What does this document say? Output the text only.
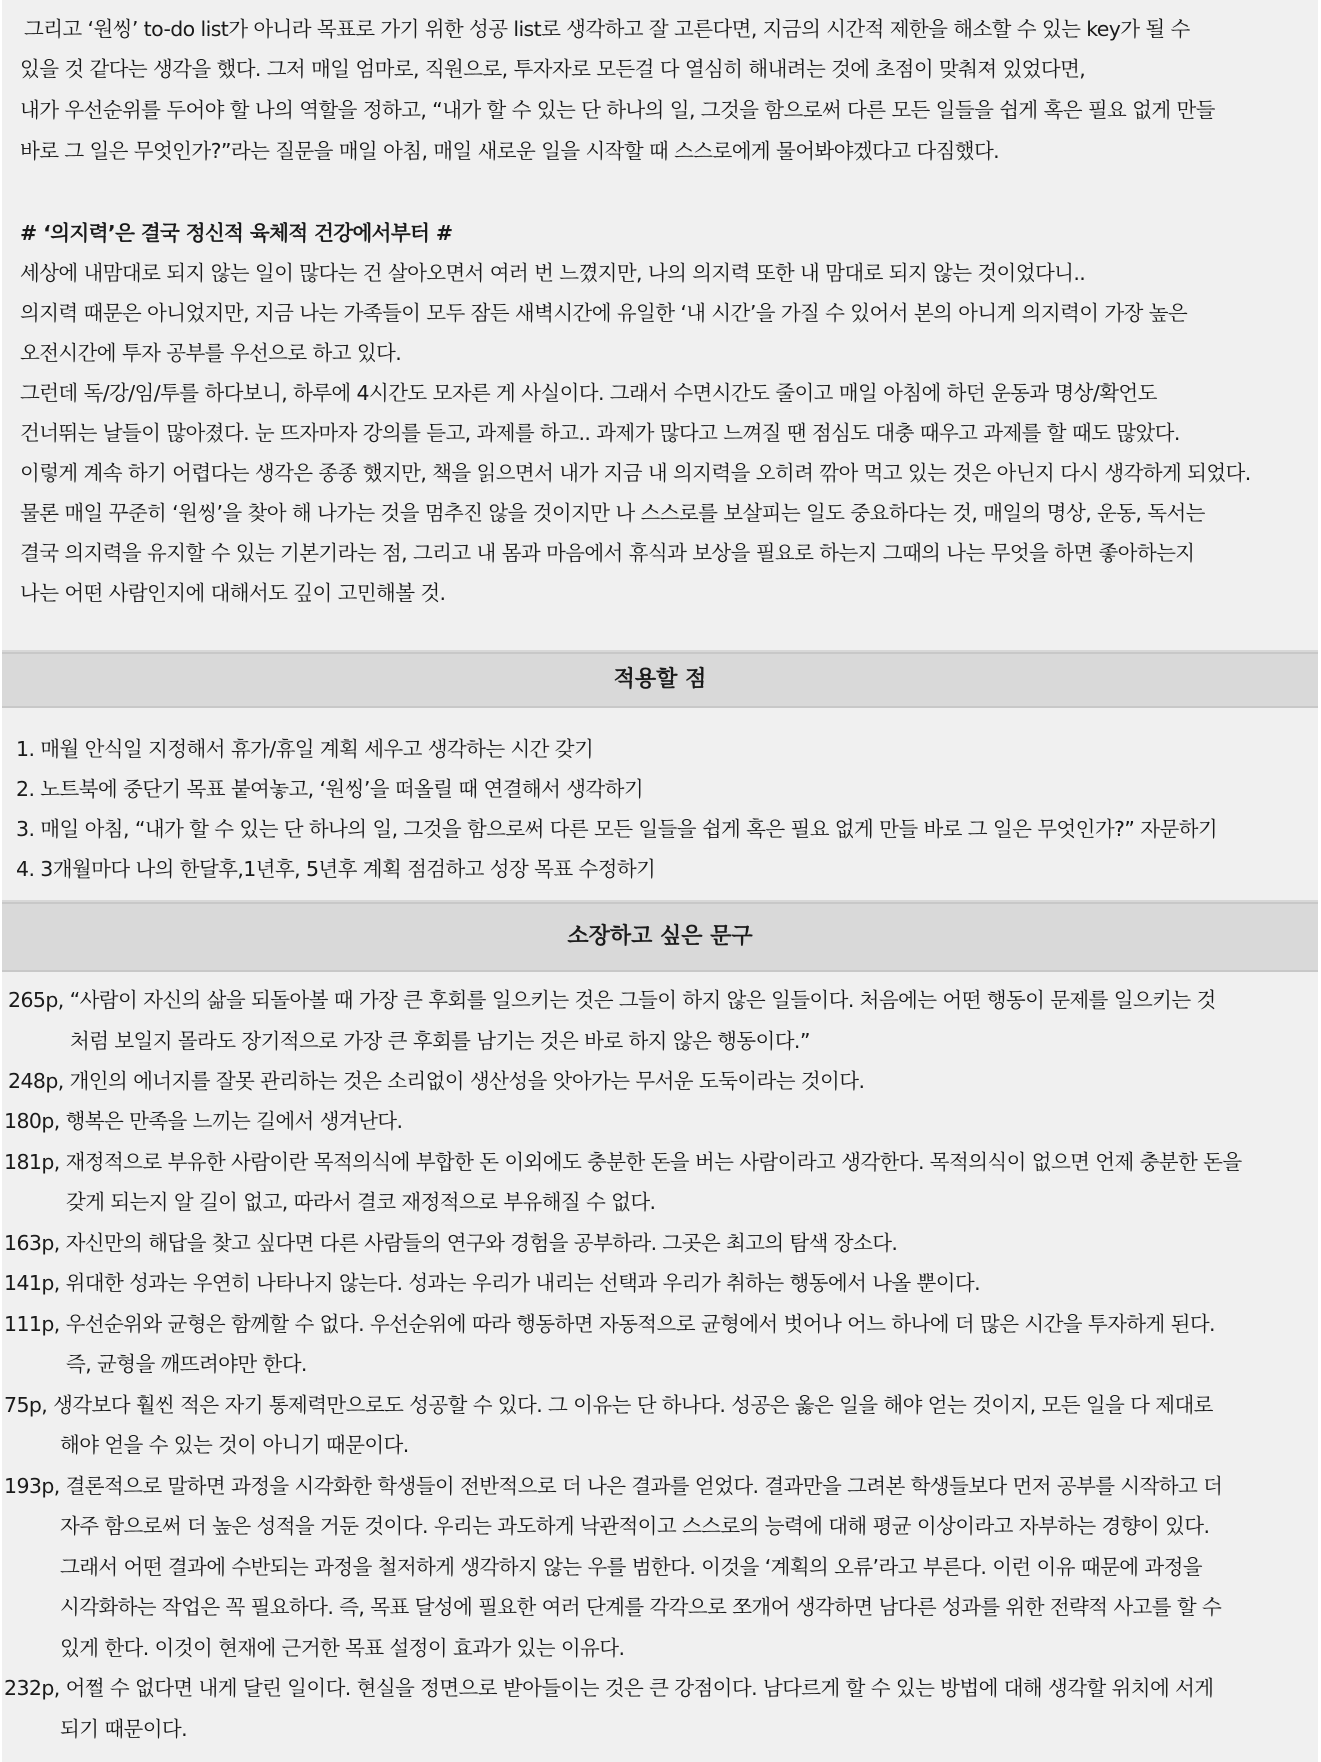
그리고 ‘원씽’ to-do list가 아니라 목표로 가기 위한 성공 list로 생각하고 잘 고른다면, 지금의 시간적 제한을 해소할 수 있는 key가 될 수
있을 것 같다는 생각을 했다. 그저 매일 엄마로, 직원으로, 투자자로 모든걸 다 열심히 해내려는 것에 초점이 맞춰져 있었다면,
내가 우선순위를 두어야 할 나의 역할을 정하고, “내가 할 수 있는 단 하나의 일, 그것을 함으로써 다른 모든 일들을 쉽게 혹은 필요 없게 만들
바로 그 일은 무엇인가?”라는 질문을 매일 아침, 매일 새로운 일을 시작할 때 스스로에게 물어봐야겠다고 다짐했다.
# ‘의지력’은 결국 정신적 육체적 건강에서부터 #
세상에 내맘대로 되지 않는 일이 많다는 건 살아오면서 여러 번 느꼈지만, 나의 의지력 또한 내 맘대로 되지 않는 것이었다니..
의지력 때문은 아니었지만, 지금 나는 가족들이 모두 잠든 새벽시간에 유일한 ‘내 시간’을 가질 수 있어서 본의 아니게 의지력이 가장 높은
오전시간에 투자 공부를 우선으로 하고 있다.
그런데 독/강/임/투를 하다보니, 하루에 4시간도 모자른 게 사실이다. 그래서 수면시간도 줄이고 매일 아침에 하던 운동과 명상/확언도
건너뛰는 날들이 많아졌다. 눈 뜨자마자 강의를 듣고, 과제를 하고.. 과제가 많다고 느껴질 땐 점심도 대충 때우고 과제를 할 때도 많았다.
이렇게 계속 하기 어렵다는 생각은 종종 했지만, 책을 읽으면서 내가 지금 내 의지력을 오히려 깎아 먹고 있는 것은 아닌지 다시 생각하게 되었다.
물론 매일 꾸준히 ‘원씽’을 찾아 해 나가는 것을 멈추진 않을 것이지만 나 스스로를 보살피는 일도 중요하다는 것, 매일의 명상, 운동, 독서는
결국 의지력을 유지할 수 있는 기본기라는 점, 그리고 내 몸과 마음에서 휴식과 보상을 필요로 하는지 그때의 나는 무엇을 하면 좋아하는지
나는 어떤 사람인지에 대해서도 깊이 고민해볼 것.
적용할 점
1. 매월 안식일 지정해서 휴가/휴일 계획 세우고 생각하는 시간 갖기
2. 노트북에 중단기 목표 붙여놓고, ‘원씽’을 떠올릴 때 연결해서 생각하기
3. 매일 아침, “내가 할 수 있는 단 하나의 일, 그것을 함으로써 다른 모든 일들을 쉽게 혹은 필요 없게 만들 바로 그 일은 무엇인가?” 자문하기
4. 3개월마다 나의 한달후,1년후, 5년후 계획 점검하고 성장 목표 수정하기
소장하고 싶은 문구
265p, “사람이 자신의 삶을 되돌아볼 때 가장 큰 후회를 일으키는 것은 그들이 하지 않은 일들이다. 처음에는 어떤 행동이 문제를 일으키는 것
처럼 보일지 몰라도 장기적으로 가장 큰 후회를 남기는 것은 바로 하지 않은 행동이다.”
248p, 개인의 에너지를 잘못 관리하는 것은 소리없이 생산성을 앗아가는 무서운 도둑이라는 것이다.
180p, 행복은 만족을 느끼는 길에서 생겨난다.
181p, 재정적으로 부유한 사람이란 목적의식에 부합한 돈 이외에도 충분한 돈을 버는 사람이라고 생각한다. 목적의식이 없으면 언제 충분한 돈을
갖게 되는지 알 길이 없고, 따라서 결코 재정적으로 부유해질 수 없다.
163p, 자신만의 해답을 찾고 싶다면 다른 사람들의 연구와 경험을 공부하라. 그곳은 최고의 탐색 장소다.
141p, 위대한 성과는 우연히 나타나지 않는다. 성과는 우리가 내리는 선택과 우리가 취하는 행동에서 나올 뿐이다.
111p, 우선순위와 균형은 함께할 수 없다. 우선순위에 따라 행동하면 자동적으로 균형에서 벗어나 어느 하나에 더 많은 시간을 투자하게 된다.
즉, 균형을 깨뜨려야만 한다.
75p, 생각보다 훨씬 적은 자기 통제력만으로도 성공할 수 있다. 그 이유는 단 하나다. 성공은 옳은 일을 해야 얻는 것이지, 모든 일을 다 제대로
해야 얻을 수 있는 것이 아니기 때문이다.
193p, 결론적으로 말하면 과정을 시각화한 학생들이 전반적으로 더 나은 결과를 얻었다. 결과만을 그려본 학생들보다 먼저 공부를 시작하고 더
자주 함으로써 더 높은 성적을 거둔 것이다. 우리는 과도하게 낙관적이고 스스로의 능력에 대해 평균 이상이라고 자부하는 경향이 있다.
그래서 어떤 결과에 수반되는 과정을 철저하게 생각하지 않는 우를 범한다. 이것을 ‘계획의 오류’라고 부른다. 이런 이유 때문에 과정을
시각화하는 작업은 꼭 필요하다. 즉, 목표 달성에 필요한 여러 단계를 각각으로 쪼개어 생각하면 남다른 성과를 위한 전략적 사고를 할 수
있게 한다. 이것이 현재에 근거한 목표 설정이 효과가 있는 이유다.
232p, 어쩔 수 없다면 내게 달린 일이다. 현실을 정면으로 받아들이는 것은 큰 강점이다. 남다르게 할 수 있는 방법에 대해 생각할 위치에 서게
되기 때문이다.
